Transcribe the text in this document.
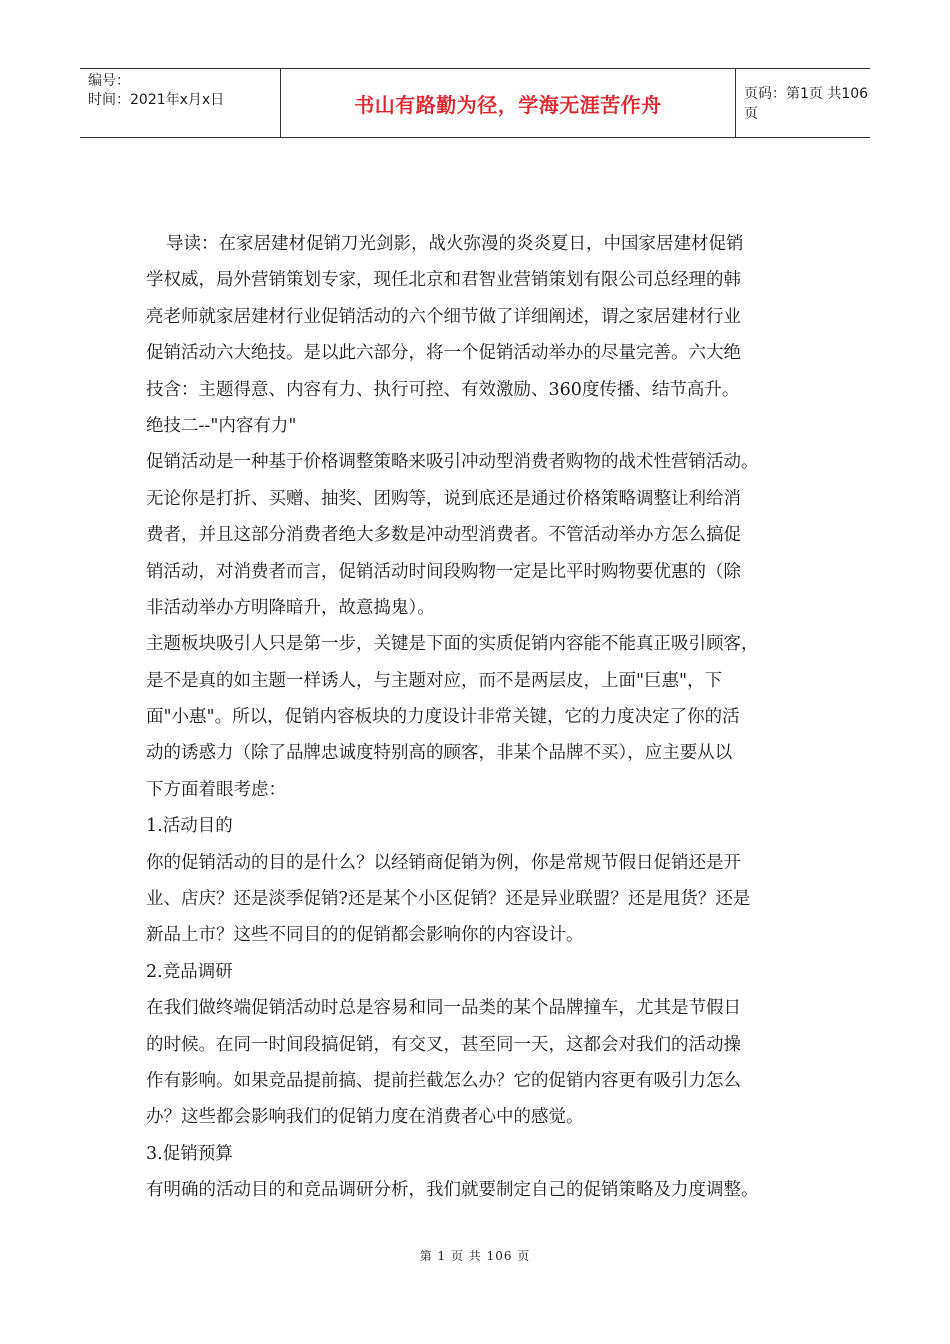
编号：
时间：2021年x月x日	书山有路勤为径，学海无涯苦作舟	页码：第1页 共106页
导读：在家居建材促销刀光剑影，战火弥漫的炎炎夏日，中国家居建材促销
学权威，局外营销策划专家，现任北京和君智业营销策划有限公司总经理的韩
亮老师就家居建材行业促销活动的六个细节做了详细阐述，谓之家居建材行业
促销活动六大绝技。是以此六部分，将一个促销活动举办的尽量完善。六大绝
技含：主题得意、内容有力、执行可控、有效激励、360度传播、结节高升。
绝技二--"内容有力"
促销活动是一种基于价格调整策略来吸引冲动型消费者购物的战术性营销活动。
无论你是打折、买赠、抽奖、团购等，说到底还是通过价格策略调整让利给消
费者，并且这部分消费者绝大多数是冲动型消费者。不管活动举办方怎么搞促
销活动，对消费者而言，促销活动时间段购物一定是比平时购物要优惠的（除
非活动举办方明降暗升，故意捣鬼）。
主题板块吸引人只是第一步，关键是下面的实质促销内容能不能真正吸引顾客，
是不是真的如主题一样诱人，与主题对应，而不是两层皮，上面"巨惠"，下
面"小惠"。所以，促销内容板块的力度设计非常关键，它的力度决定了你的活
动的诱惑力（除了品牌忠诚度特别高的顾客，非某个品牌不买），应主要从以
下方面着眼考虑：
1.活动目的
你的促销活动的目的是什么？以经销商促销为例，你是常规节假日促销还是开
业、店庆？还是淡季促销?还是某个小区促销？还是异业联盟？还是甩货？还是
新品上市？这些不同目的的促销都会影响你的内容设计。
2.竞品调研
在我们做终端促销活动时总是容易和同一品类的某个品牌撞车，尤其是节假日
的时候。在同一时间段搞促销，有交叉，甚至同一天，这都会对我们的活动操
作有影响。如果竞品提前搞、提前拦截怎么办？它的促销内容更有吸引力怎么
办？这些都会影响我们的促销力度在消费者心中的感觉。
3.促销预算
有明确的活动目的和竞品调研分析，我们就要制定自己的促销策略及力度调整。
第 1 页 共 106 页
